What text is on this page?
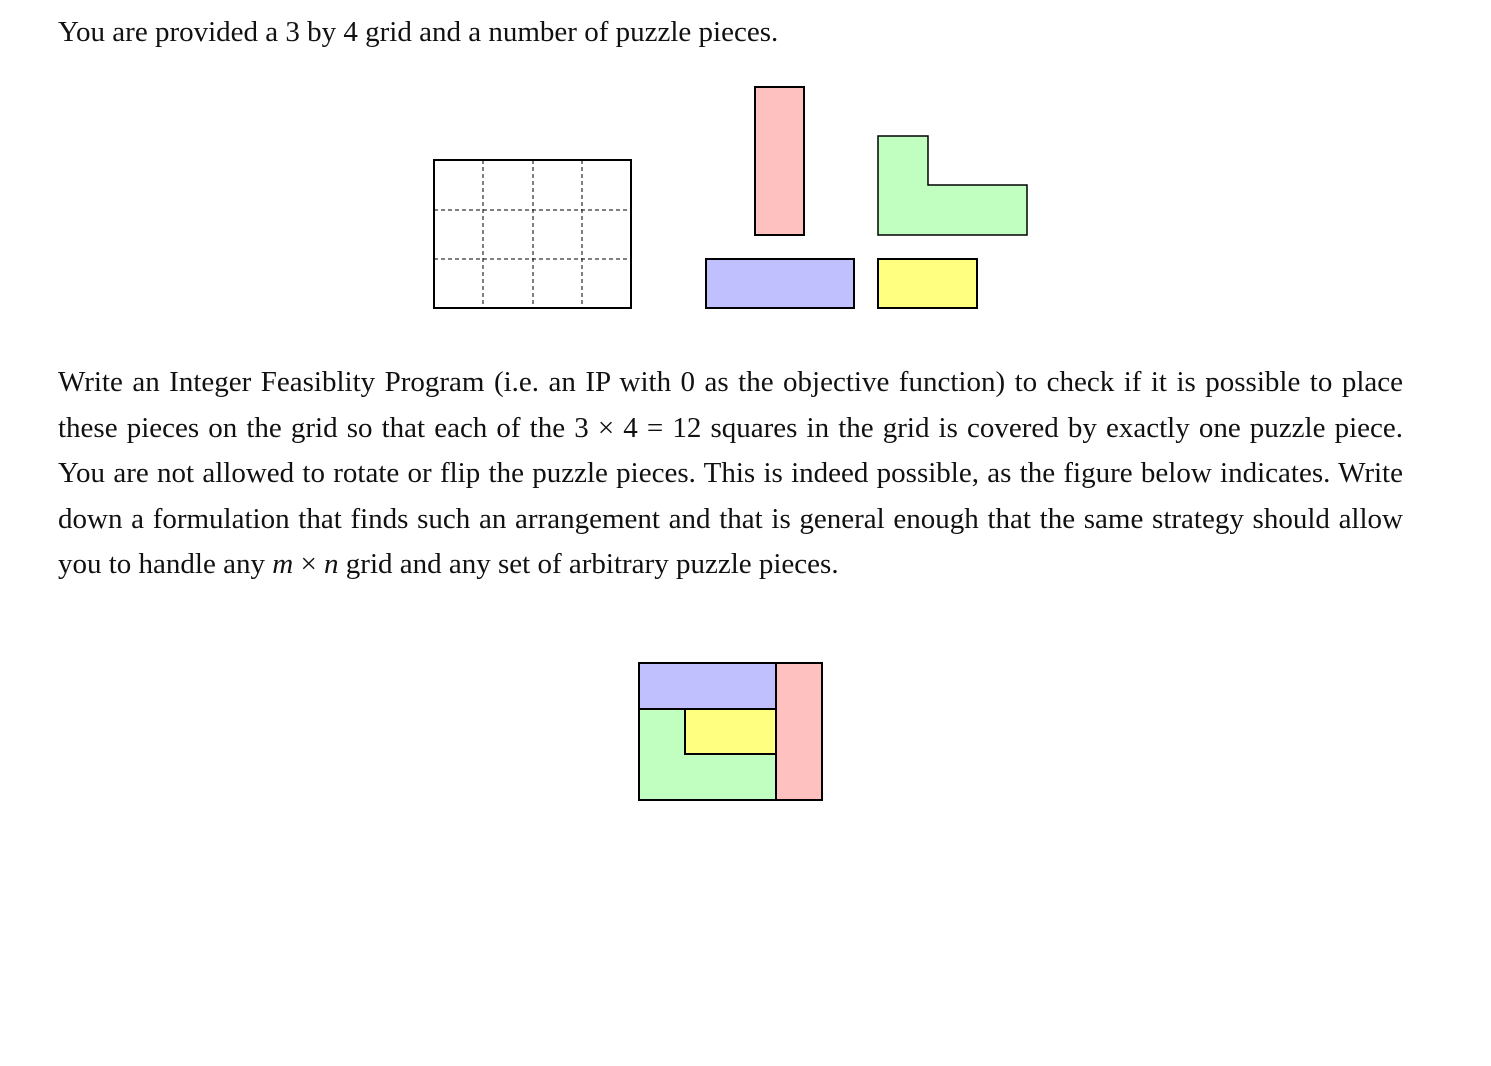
You are provided a 3 by 4 grid and a number of puzzle pieces.

Write an Integer Feasiblity Program (i.e. an IP with 0 as the objective function) to check if it is possible to place these pieces on the grid so that each of the 3 × 4 = 12 squares in the grid is covered by exactly one puzzle piece. You are not allowed to rotate or flip the puzzle pieces. This is indeed possible, as the figure below indicates. Write down a formulation that finds such an arrangement and that is general enough that the same strategy should allow you to handle any m × n grid and any set of arbitrary puzzle pieces.
